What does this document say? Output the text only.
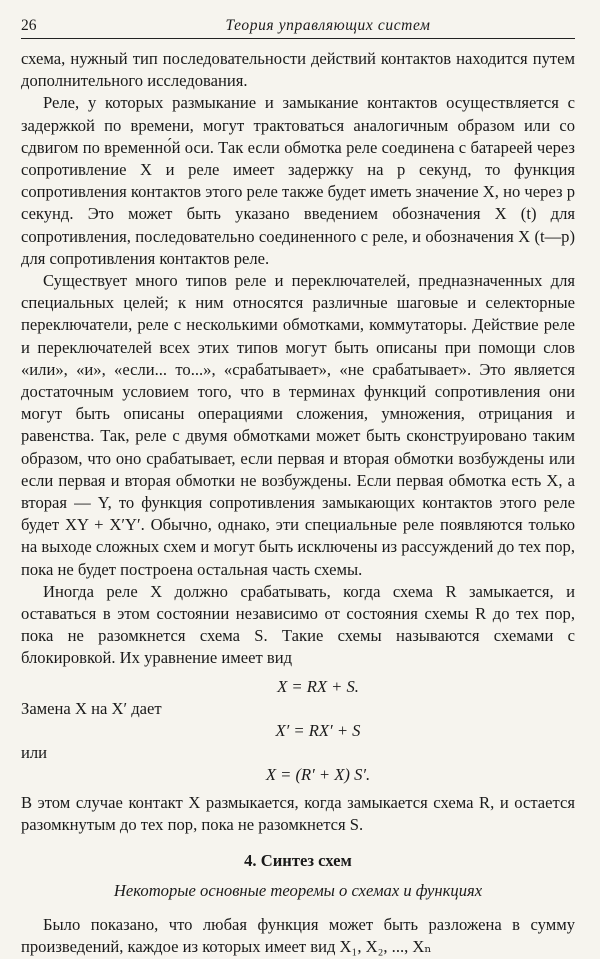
26	Теория управляющих систем

схема, нужный тип последовательности действий контактов находится путем дополнительного исследования.

Реле, у которых размыкание и замыкание контактов осуществляется с задержкой по времени, могут трактоваться аналогичным образом или со сдвигом по временно́й оси. Так если обмотка реле соединена с батареей через сопротивление X и реле имеет задержку на p секунд, то функция сопротивления контактов этого реле также будет иметь значение X, но через p секунд. Это может быть указано введением обозначения X (t) для сопротивления, последовательно соединенного с реле, и обозначения X (t—p) для сопротивления контактов реле.

Существует много типов реле и переключателей, предназначенных для специальных целей; к ним относятся различные шаговые и селекторные переключатели, реле с несколькими обмотками, коммутаторы. Действие реле и переключателей всех этих типов могут быть описаны при помощи слов «или», «и», «если... то...», «срабатывает», «не срабатывает». Это является достаточным условием того, что в терминах функций сопротивления они могут быть описаны операциями сложения, умножения, отрицания и равенства. Так, реле с двумя обмотками может быть сконструировано таким образом, что оно срабатывает, если первая и вторая обмотки возбуждены или если первая и вторая обмотки не возбуждены. Если первая обмотка есть X, а вторая — Y, то функция сопротивления замыкающих контактов этого реле будет XY + X′Y′. Обычно, однако, эти специальные реле появляются только на выходе сложных схем и могут быть исключены из рассуждений до тех пор, пока не будет построена остальная часть схемы.

Иногда реле X должно срабатывать, когда схема R замыкается, и оставаться в этом состоянии независимо от состояния схемы R до тех пор, пока не разомкнется схема S. Такие схемы называются схемами с блокировкой. Их уравнение имеет вид

X = RX + S.
Замена X на X′ дает
X′ = RX′ + S
или
X = (R′ + X) S′.

В этом случае контакт X размыкается, когда замыкается схема R, и остается разомкнутым до тех пор, пока не разомкнется S.

4. Синтез схем
Некоторые основные теоремы о схемах и функциях

Было показано, что любая функция может быть разложена в сумму произведений, каждое из которых имеет вид X₁, X₂, ..., Xₙ
